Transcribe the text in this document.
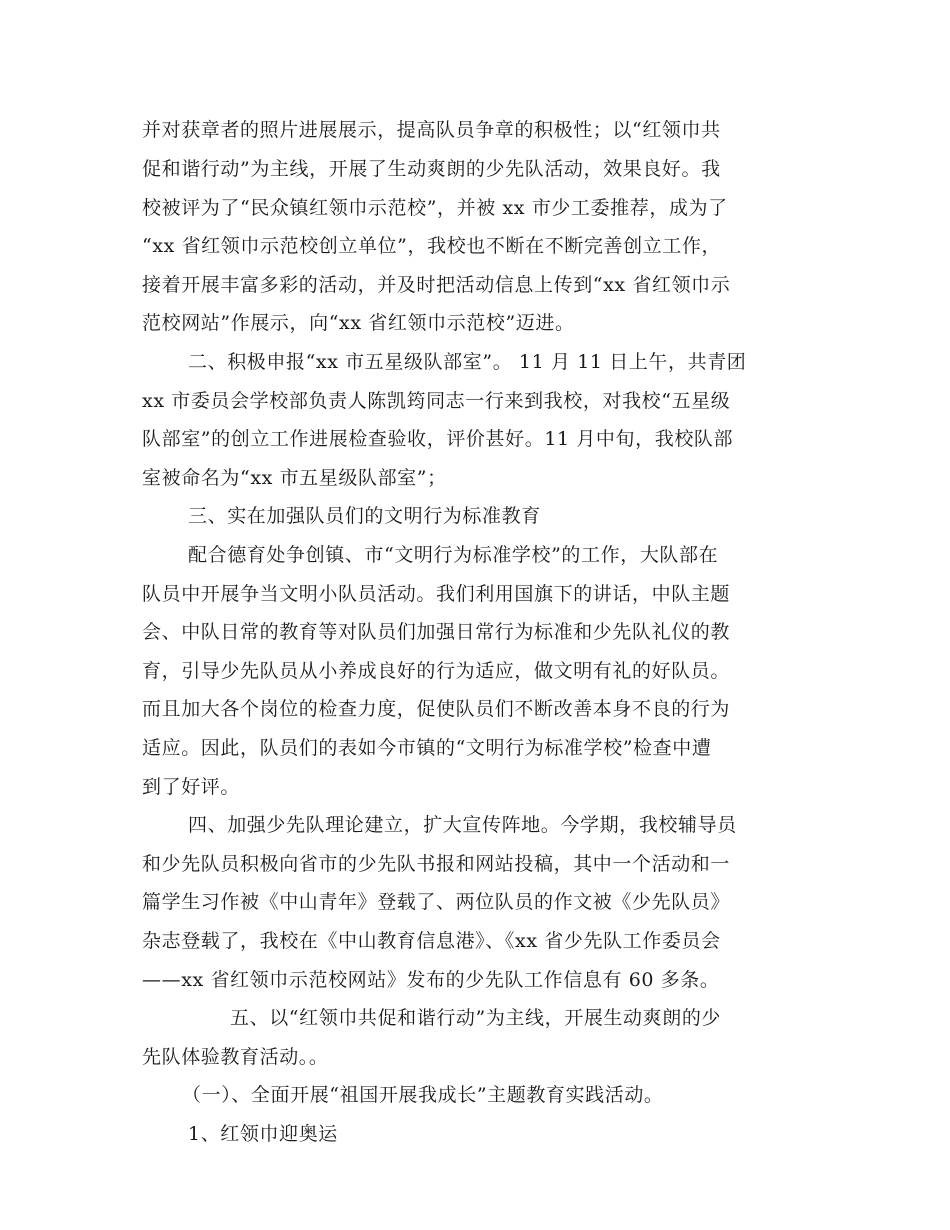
并对获章者的照片进展展示，提高队员争章的积极性；以“红领巾共
促和谐行动”为主线，开展了生动爽朗的少先队活动，效果良好。我
校被评为了“民众镇红领巾示范校”，并被 xx 市少工委推荐，成为了
“xx 省红领巾示范校创立单位”，我校也不断在不断完善创立工作，
接着开展丰富多彩的活动，并及时把活动信息上传到“xx 省红领巾示
范校网站”作展示，向“xx 省红领巾示范校”迈进。
二、积极申报“xx 市五星级队部室”。 11 月 11 日上午，共青团
xx 市委员会学校部负责人陈凯筠同志一行来到我校，对我校“五星级
队部室”的创立工作进展检查验收，评价甚好。11 月中旬，我校队部
室被命名为“xx 市五星级队部室”；
三、实在加强队员们的文明行为标准教育
配合德育处争创镇、市“文明行为标准学校”的工作，大队部在
队员中开展争当文明小队员活动。我们利用国旗下的讲话，中队主题
会、中队日常的教育等对队员们加强日常行为标准和少先队礼仪的教
育，引导少先队员从小养成良好的行为适应，做文明有礼的好队员。
而且加大各个岗位的检查力度，促使队员们不断改善本身不良的行为
适应。因此，队员们的表如今市镇的“文明行为标准学校”检查中遭
到了好评。
四、加强少先队理论建立，扩大宣传阵地。今学期，我校辅导员
和少先队员积极向省市的少先队书报和网站投稿，其中一个活动和一
篇学生习作被《中山青年》登载了、两位队员的作文被《少先队员》
杂志登载了，我校在《中山教育信息港》、《xx 省少先队工作委员会
——xx 省红领巾示范校网站》发布的少先队工作信息有 60 多条。
五、以“红领巾共促和谐行动”为主线，开展生动爽朗的少
先队体验教育活动。。
（一）、全面开展“祖国开展我成长”主题教育实践活动。
1、红领巾迎奥运
